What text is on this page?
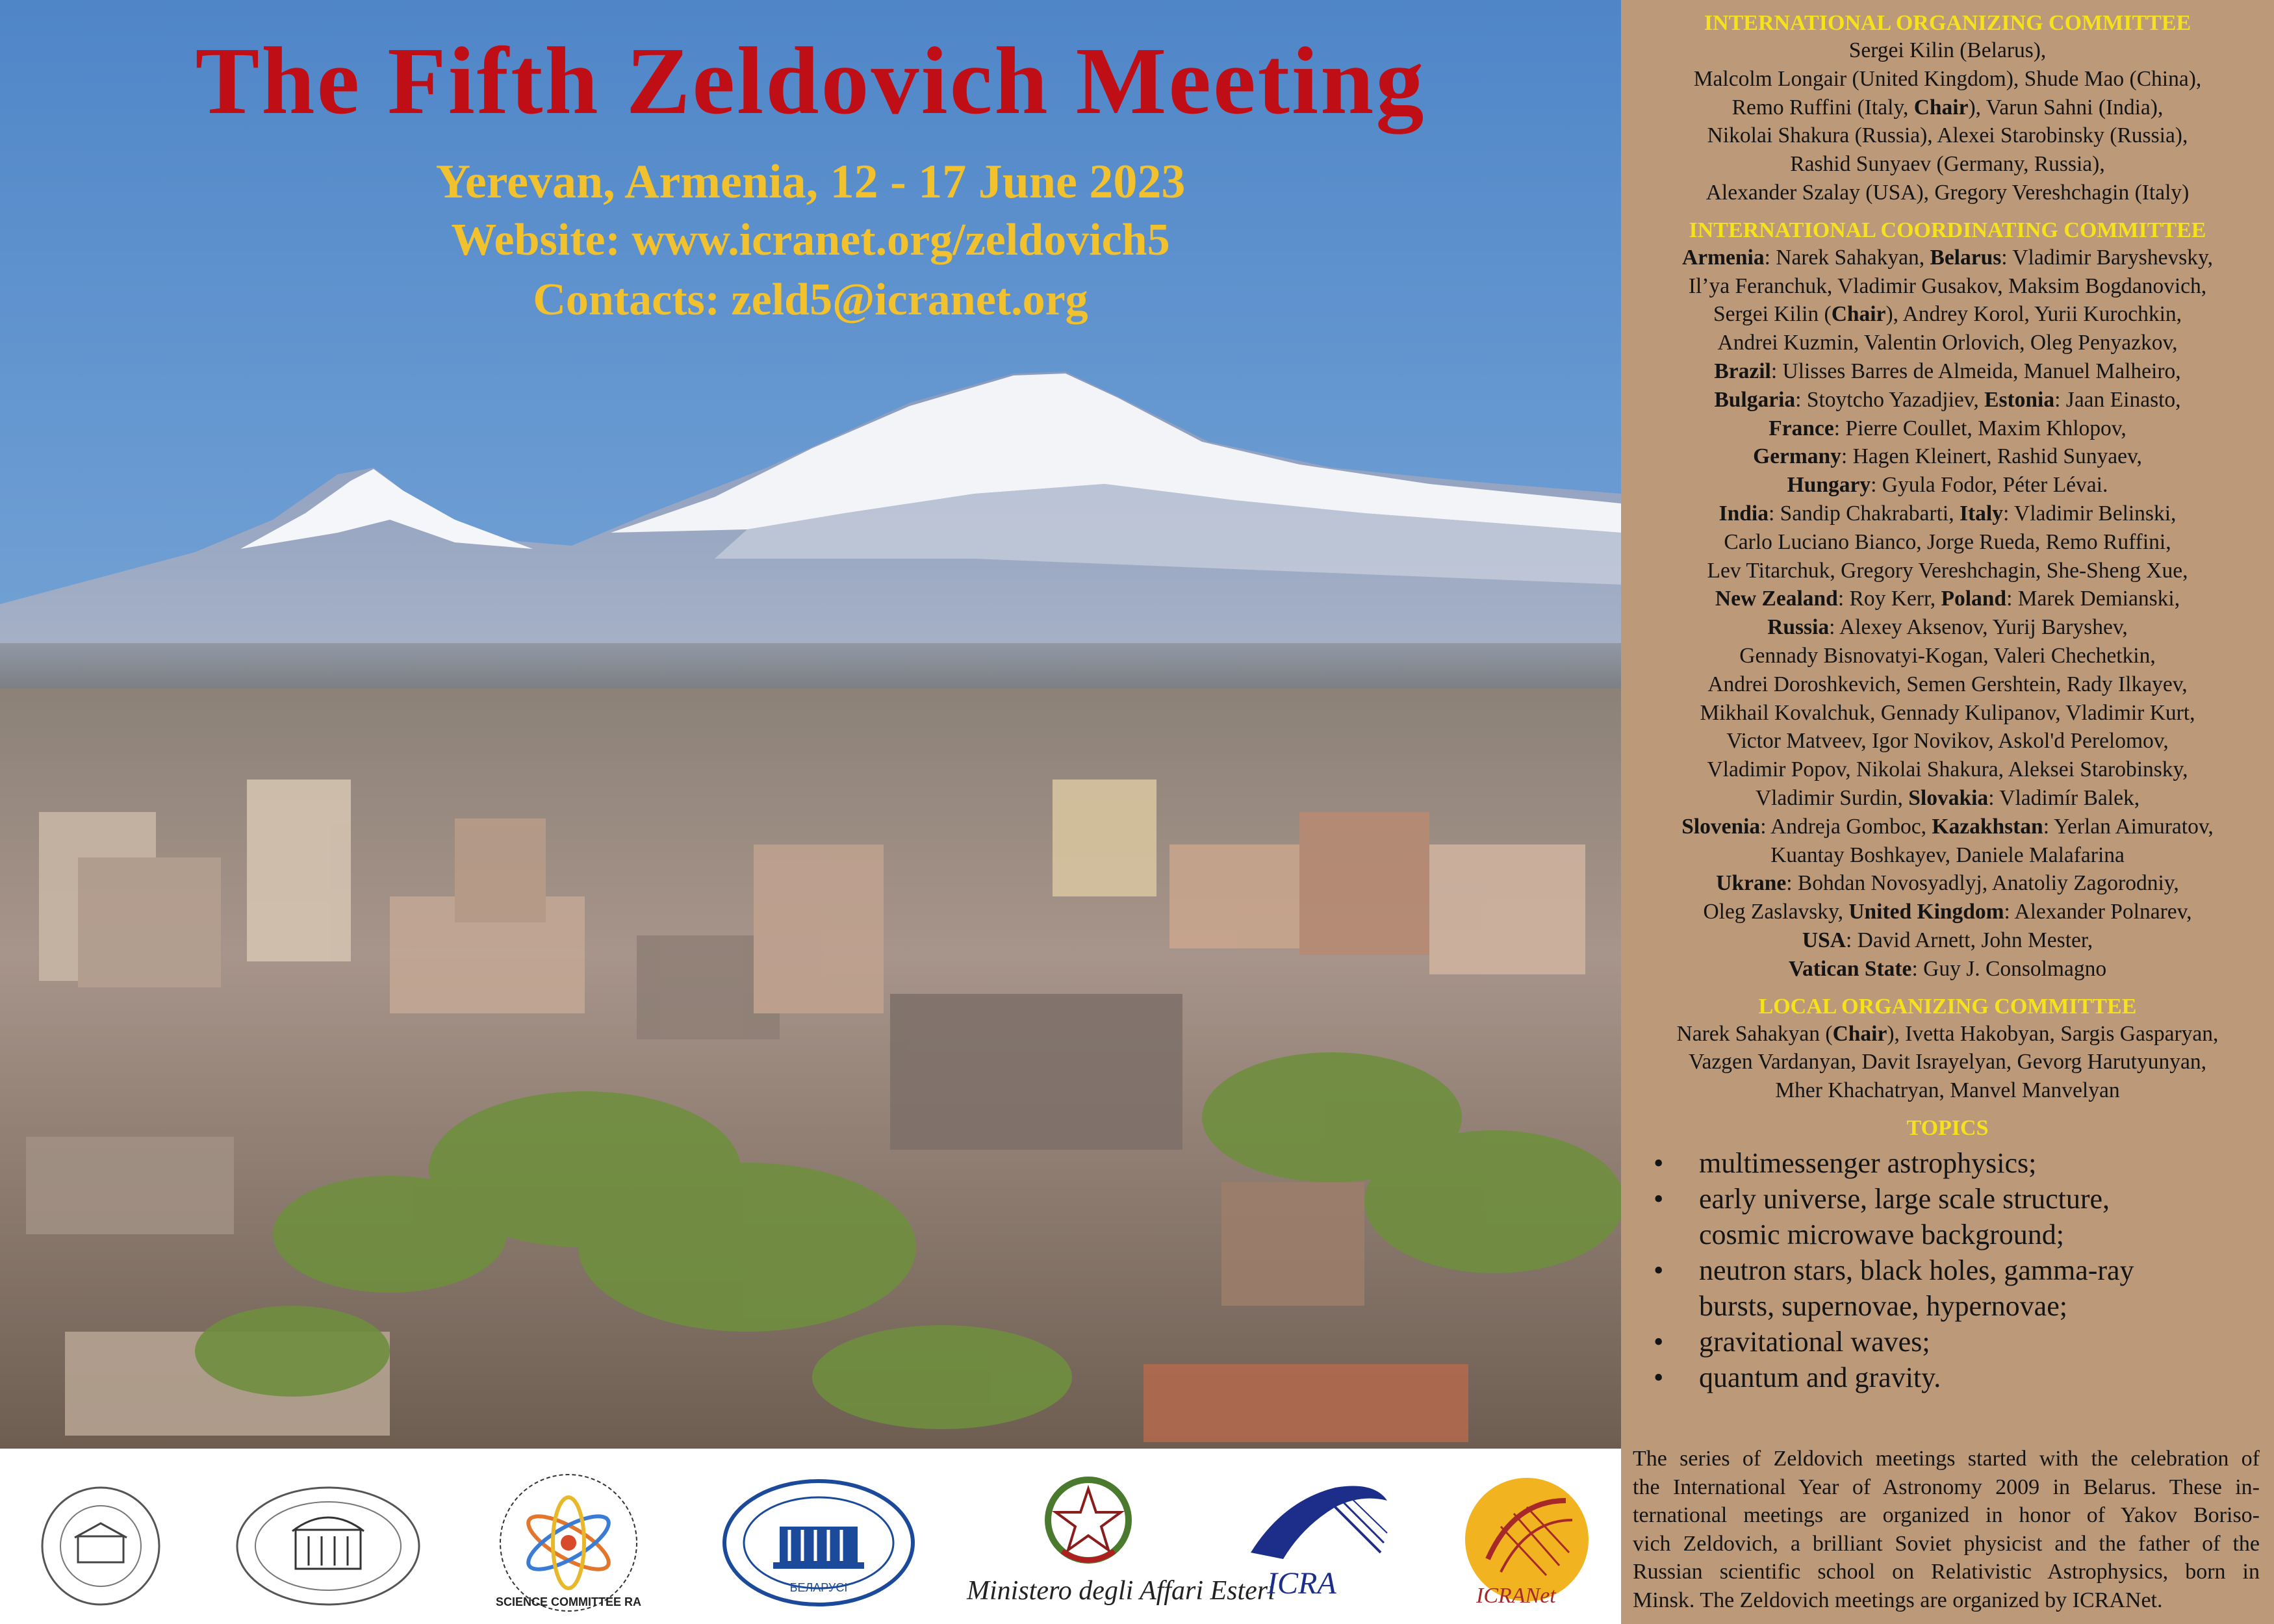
The Fifth Zeldovich Meeting
Yerevan, Armenia, 12 - 17 June 2023
Website: www.icranet.org/zeldovich5
Contacts: zeld5@icranet.org
SCIENCE COMMITTEE RA
БЕЛАРУСІ	Ministero degli Affari Esteri
ICRA	ICRANet
INTERNATIONAL ORGANIZING COMMITTEE
Sergei Kilin (Belarus),
Malcolm Longair (United Kingdom), Shude Mao (China),
Remo Ruffini (Italy, Chair), Varun Sahni (India),
Nikolai Shakura (Russia), Alexei Starobinsky (Russia),
Rashid Sunyaev (Germany, Russia),
Alexander Szalay (USA), Gregory Vereshchagin (Italy)
INTERNATIONAL COORDINATING COMMITTEE
Armenia: Narek Sahakyan, Belarus: Vladimir Baryshevsky,
Il’ya Feranchuk, Vladimir Gusakov, Maksim Bogdanovich,
Sergei Kilin (Chair), Andrey Korol, Yurii Kurochkin,
Andrei Kuzmin, Valentin Orlovich, Oleg Penyazkov,
Brazil: Ulisses Barres de Almeida, Manuel Malheiro,
Bulgaria: Stoytcho Yazadjiev, Estonia: Jaan Einasto,
France: Pierre Coullet, Maxim Khlopov,
Germany: Hagen Kleinert, Rashid Sunyaev,
Hungary: Gyula Fodor, Péter Lévai.
India: Sandip Chakrabarti, Italy: Vladimir Belinski,
Carlo Luciano Bianco, Jorge Rueda, Remo Ruffini,
Lev Titarchuk, Gregory Vereshchagin, She-Sheng Xue,
New Zealand: Roy Kerr, Poland: Marek Demianski,
Russia: Alexey Aksenov, Yurij Baryshev,
Gennady Bisnovatyi-Kogan, Valeri Chechetkin,
Andrei Doroshkevich, Semen Gershtein, Rady Ilkayev,
Mikhail Kovalchuk, Gennady Kulipanov, Vladimir Kurt,
Victor Matveev, Igor Novikov, Askol'd Perelomov,
Vladimir Popov, Nikolai Shakura, Aleksei Starobinsky,
Vladimir Surdin, Slovakia: Vladimír Balek,
Slovenia: Andreja Gomboc, Kazakhstan: Yerlan Aimuratov,
Kuantay Boshkayev, Daniele Malafarina
Ukrane: Bohdan Novosyadlyj, Anatoliy Zagorodniy,
Oleg Zaslavsky, United Kingdom: Alexander Polnarev,
USA: David Arnett, John Mester,
Vatican State: Guy J. Consolmagno
LOCAL ORGANIZING COMMITTEE
Narek Sahakyan (Chair), Ivetta Hakobyan, Sargis Gasparyan,
Vazgen Vardanyan, Davit Israyelyan, Gevorg Harutyunyan,
Mher Khachatryan, Manvel Manvelyan
TOPICS
• multimessenger astrophysics;
• early universe, large scale structure,
cosmic microwave background;
• neutron stars, black holes, gamma-ray
bursts, supernovae, hypernovae;
• gravitational waves;
• quantum and gravity.
The series of Zeldovich meetings started with the celebration of
the International Year of Astronomy 2009 in Belarus. These in-
ternational meetings are organized in honor of Yakov Boriso-
vich Zeldovich, a brilliant Soviet physicist and the father of the
Russian scientific school on Relativistic Astrophysics, born in
Minsk. The Zeldovich meetings are organized by ICRANet.
